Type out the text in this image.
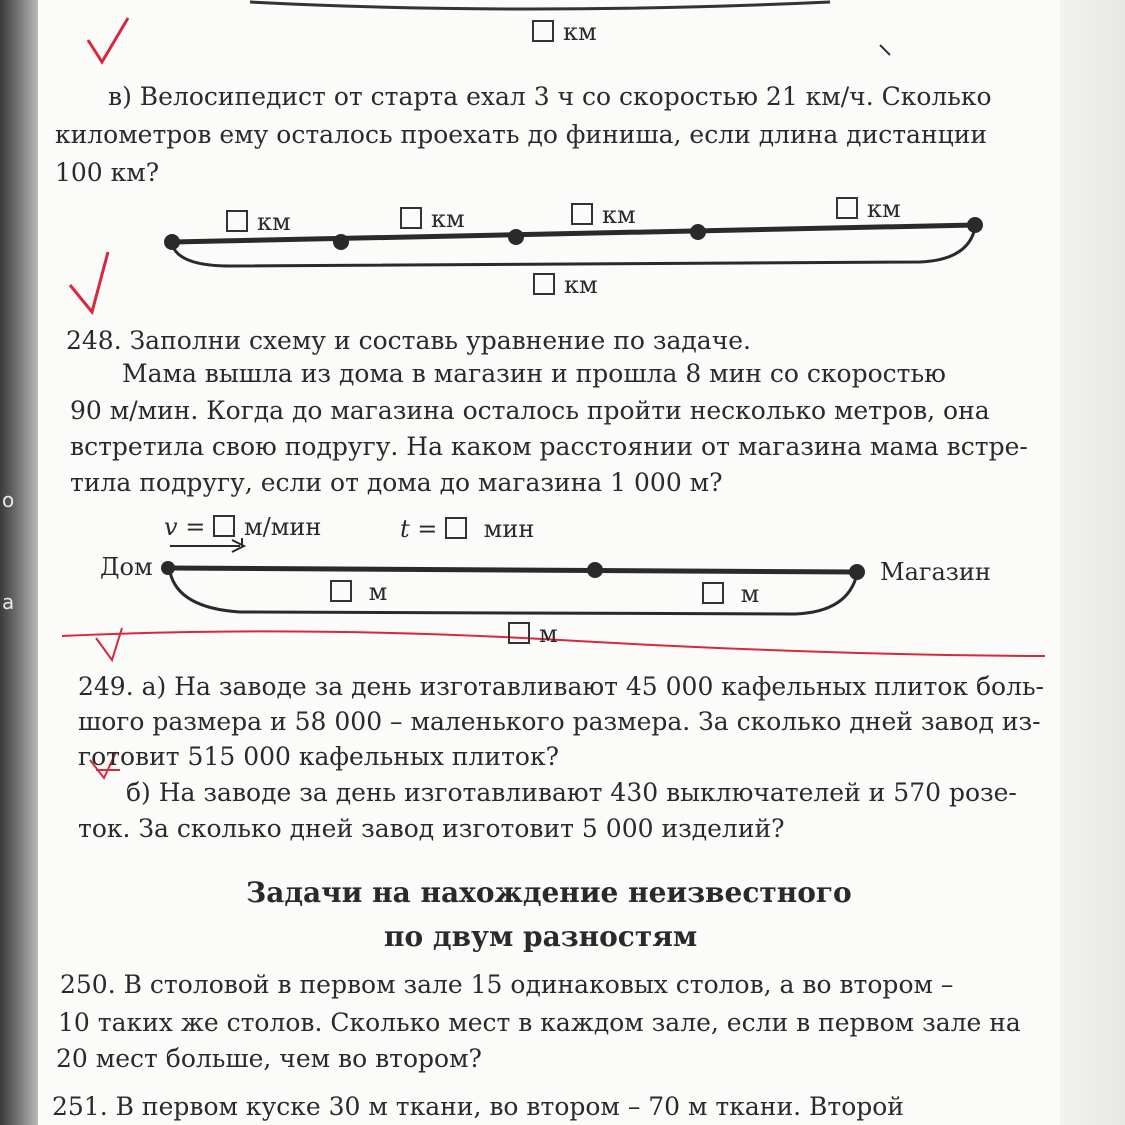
а
о
км
в) Велосипедист от старта ехал 3 ч со скоростью 21 км/ч. Сколько
километров ему осталось проехать до финиша, если длина дистанции
100 км?
км	км	км	км
км
248. Заполни схему и составь уравнение по задаче.
Мама вышла из дома в магазин и прошла 8 мин со скоростью
90 м/мин. Когда до магазина осталось пройти несколько метров, она
встретила свою подругу. На каком расстоянии от магазина мама встре-
тила подругу, если от дома до магазина 1 000 м?
v = м/мин	t = мин
Дом	Магазин
м	м
м
249. а) На заводе за день изготавливают 45 000 кафельных плиток боль-
шого размера и 58 000 – маленького размера. За сколько дней завод из-
готовит 515 000 кафельных плиток?
б) На заводе за день изготавливают 430 выключателей и 570 розе-
ток. За сколько дней завод изготовит 5 000 изделий?
Задачи на нахождение неизвестного
по двум разностям
250. В столовой в первом зале 15 одинаковых столов, а во втором –
10 таких же столов. Сколько мест в каждом зале, если в первом зале на
20 мест больше, чем во втором?
251. В первом куске 30 м ткани, во втором – 70 м ткани. Второй
